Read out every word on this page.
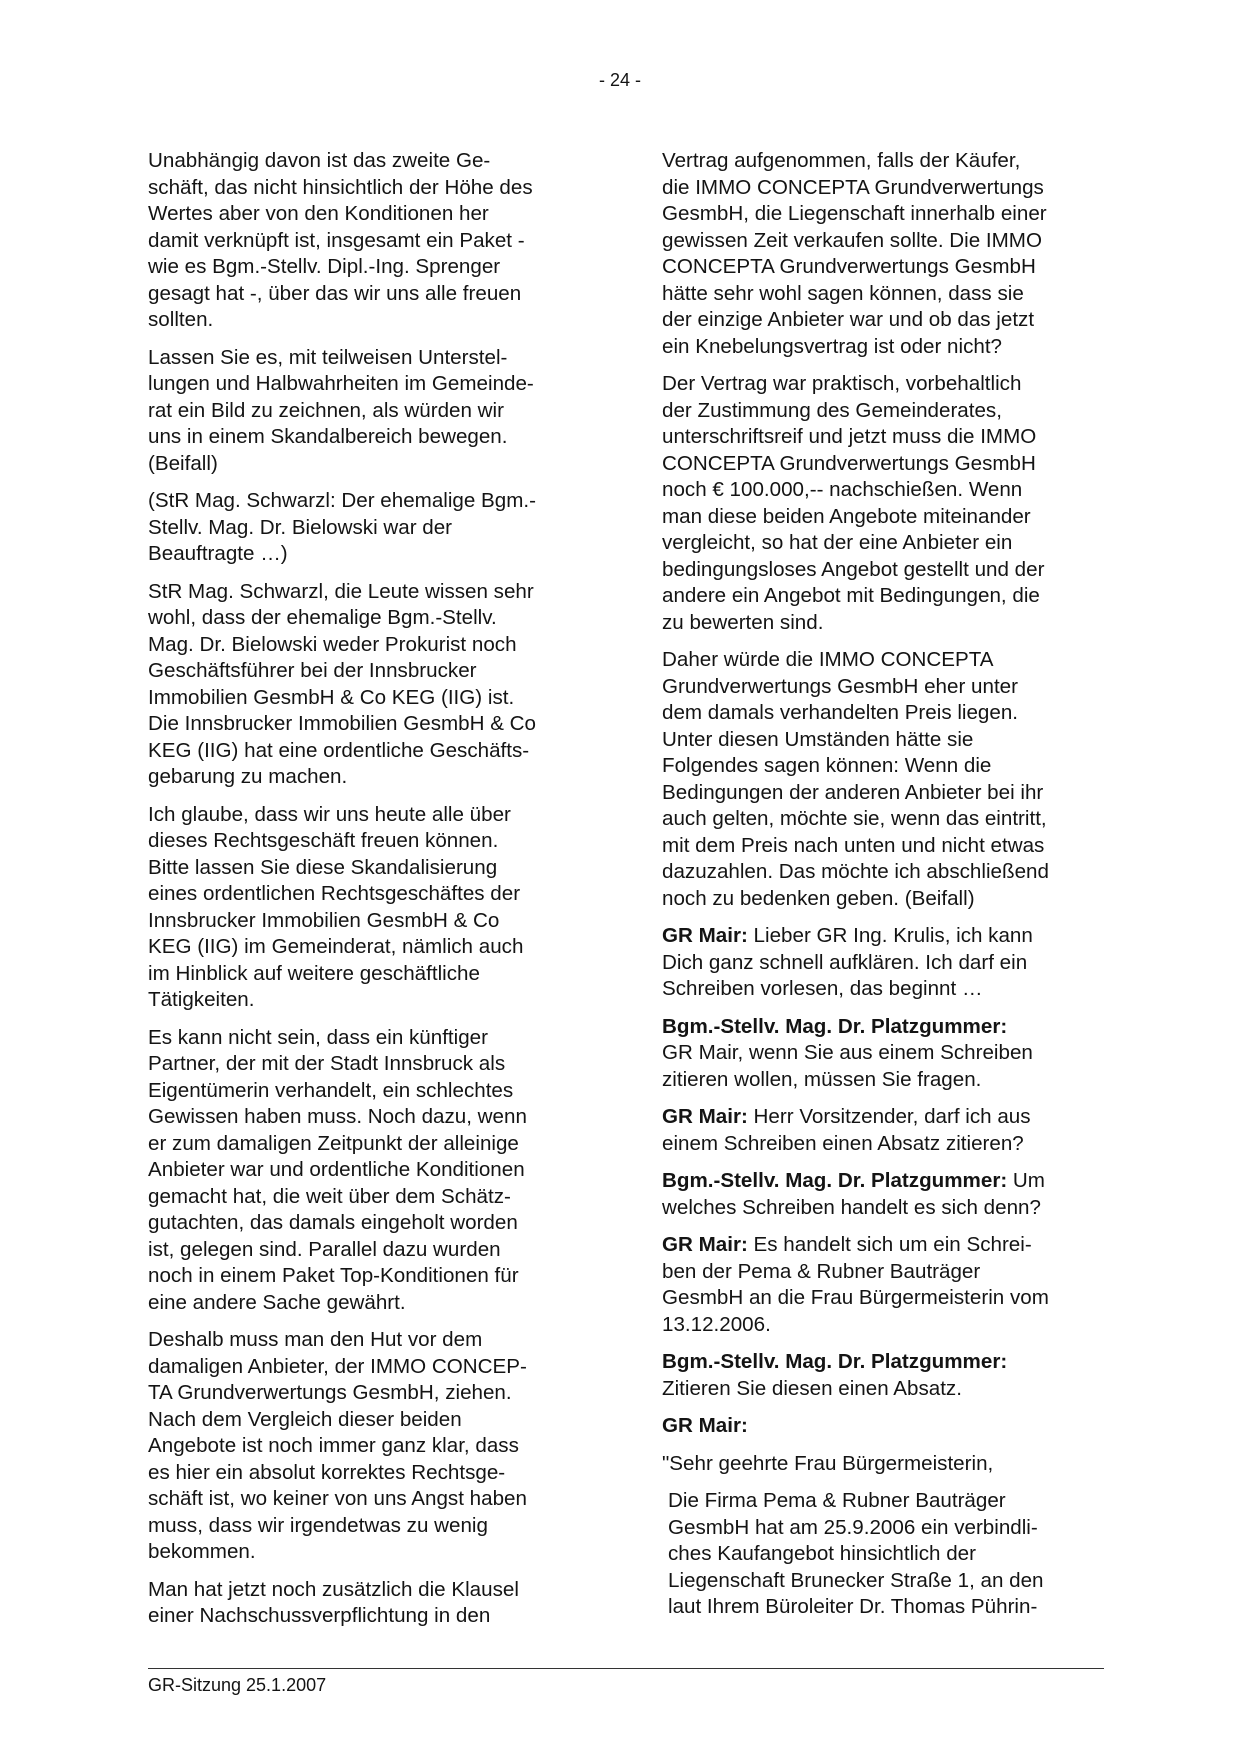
- 24 -

Unabhängig davon ist das zweite Ge-
schäft, das nicht hinsichtlich der Höhe des
Wertes aber von den Konditionen her
damit verknüpft ist, insgesamt ein Paket -
wie es Bgm.-Stellv. Dipl.-Ing. Sprenger
gesagt hat -, über das wir uns alle freuen
sollten.

Lassen Sie es, mit teilweisen Unterstel-
lungen und Halbwahrheiten im Gemeinde-
rat ein Bild zu zeichnen, als würden wir
uns in einem Skandalbereich bewegen.
(Beifall)

(StR Mag. Schwarzl: Der ehemalige Bgm.-
Stellv. Mag. Dr. Bielowski war der
Beauftragte …)

StR Mag. Schwarzl, die Leute wissen sehr
wohl, dass der ehemalige Bgm.-Stellv.
Mag. Dr. Bielowski weder Prokurist noch
Geschäftsführer bei der Innsbrucker
Immobilien GesmbH & Co KEG (IIG) ist.
Die Innsbrucker Immobilien GesmbH & Co
KEG (IIG) hat eine ordentliche Geschäfts-
gebarung zu machen.

Ich glaube, dass wir uns heute alle über
dieses Rechtsgeschäft freuen können.
Bitte lassen Sie diese Skandalisierung
eines ordentlichen Rechtsgeschäftes der
Innsbrucker Immobilien GesmbH & Co
KEG (IIG) im Gemeinderat, nämlich auch
im Hinblick auf weitere geschäftliche
Tätigkeiten.

Es kann nicht sein, dass ein künftiger
Partner, der mit der Stadt Innsbruck als
Eigentümerin verhandelt, ein schlechtes
Gewissen haben muss. Noch dazu, wenn
er zum damaligen Zeitpunkt der alleinige
Anbieter war und ordentliche Konditionen
gemacht hat, die weit über dem Schätz-
gutachten, das damals eingeholt worden
ist, gelegen sind. Parallel dazu wurden
noch in einem Paket Top-Konditionen für
eine andere Sache gewährt.

Deshalb muss man den Hut vor dem
damaligen Anbieter, der IMMO CONCEP-
TA Grundverwertungs GesmbH, ziehen.
Nach dem Vergleich dieser beiden
Angebote ist noch immer ganz klar, dass
es hier ein absolut korrektes Rechtsge-
schäft ist, wo keiner von uns Angst haben
muss, dass wir irgendetwas zu wenig
bekommen.

Man hat jetzt noch zusätzlich die Klausel
einer Nachschussverpflichtung in den

Vertrag aufgenommen, falls der Käufer,
die IMMO CONCEPTA Grundverwertungs
GesmbH, die Liegenschaft innerhalb einer
gewissen Zeit verkaufen sollte. Die IMMO
CONCEPTA Grundverwertungs GesmbH
hätte sehr wohl sagen können, dass sie
der einzige Anbieter war und ob das jetzt
ein Knebelungsvertrag ist oder nicht?

Der Vertrag war praktisch, vorbehaltlich
der Zustimmung des Gemeinderates,
unterschriftsreif und jetzt muss die IMMO
CONCEPTA Grundverwertungs GesmbH
noch € 100.000,-- nachschießen. Wenn
man diese beiden Angebote miteinander
vergleicht, so hat der eine Anbieter ein
bedingungsloses Angebot gestellt und der
andere ein Angebot mit Bedingungen, die
zu bewerten sind.

Daher würde die IMMO CONCEPTA
Grundverwertungs GesmbH eher unter
dem damals verhandelten Preis liegen.
Unter diesen Umständen hätte sie
Folgendes sagen können: Wenn die
Bedingungen der anderen Anbieter bei ihr
auch gelten, möchte sie, wenn das eintritt,
mit dem Preis nach unten und nicht etwas
dazuzahlen. Das möchte ich abschließend
noch zu bedenken geben. (Beifall)

GR Mair: Lieber GR Ing. Krulis, ich kann
Dich ganz schnell aufklären. Ich darf ein
Schreiben vorlesen, das beginnt …

Bgm.-Stellv. Mag. Dr. Platzgummer:
GR Mair, wenn Sie aus einem Schreiben
zitieren wollen, müssen Sie fragen.

GR Mair: Herr Vorsitzender, darf ich aus
einem Schreiben einen Absatz zitieren?

Bgm.-Stellv. Mag. Dr. Platzgummer: Um
welches Schreiben handelt es sich denn?

GR Mair: Es handelt sich um ein Schrei-
ben der Pema & Rubner Bauträger
GesmbH an die Frau Bürgermeisterin vom
13.12.2006.

Bgm.-Stellv. Mag. Dr. Platzgummer:
Zitieren Sie diesen einen Absatz.

GR Mair:

"Sehr geehrte Frau Bürgermeisterin,

Die Firma Pema & Rubner Bauträger
GesmbH hat am 25.9.2006 ein verbindli-
ches Kaufangebot hinsichtlich der
Liegenschaft Brunecker Straße 1, an den
laut Ihrem Büroleiter Dr. Thomas Pührin-

GR-Sitzung 25.1.2007
